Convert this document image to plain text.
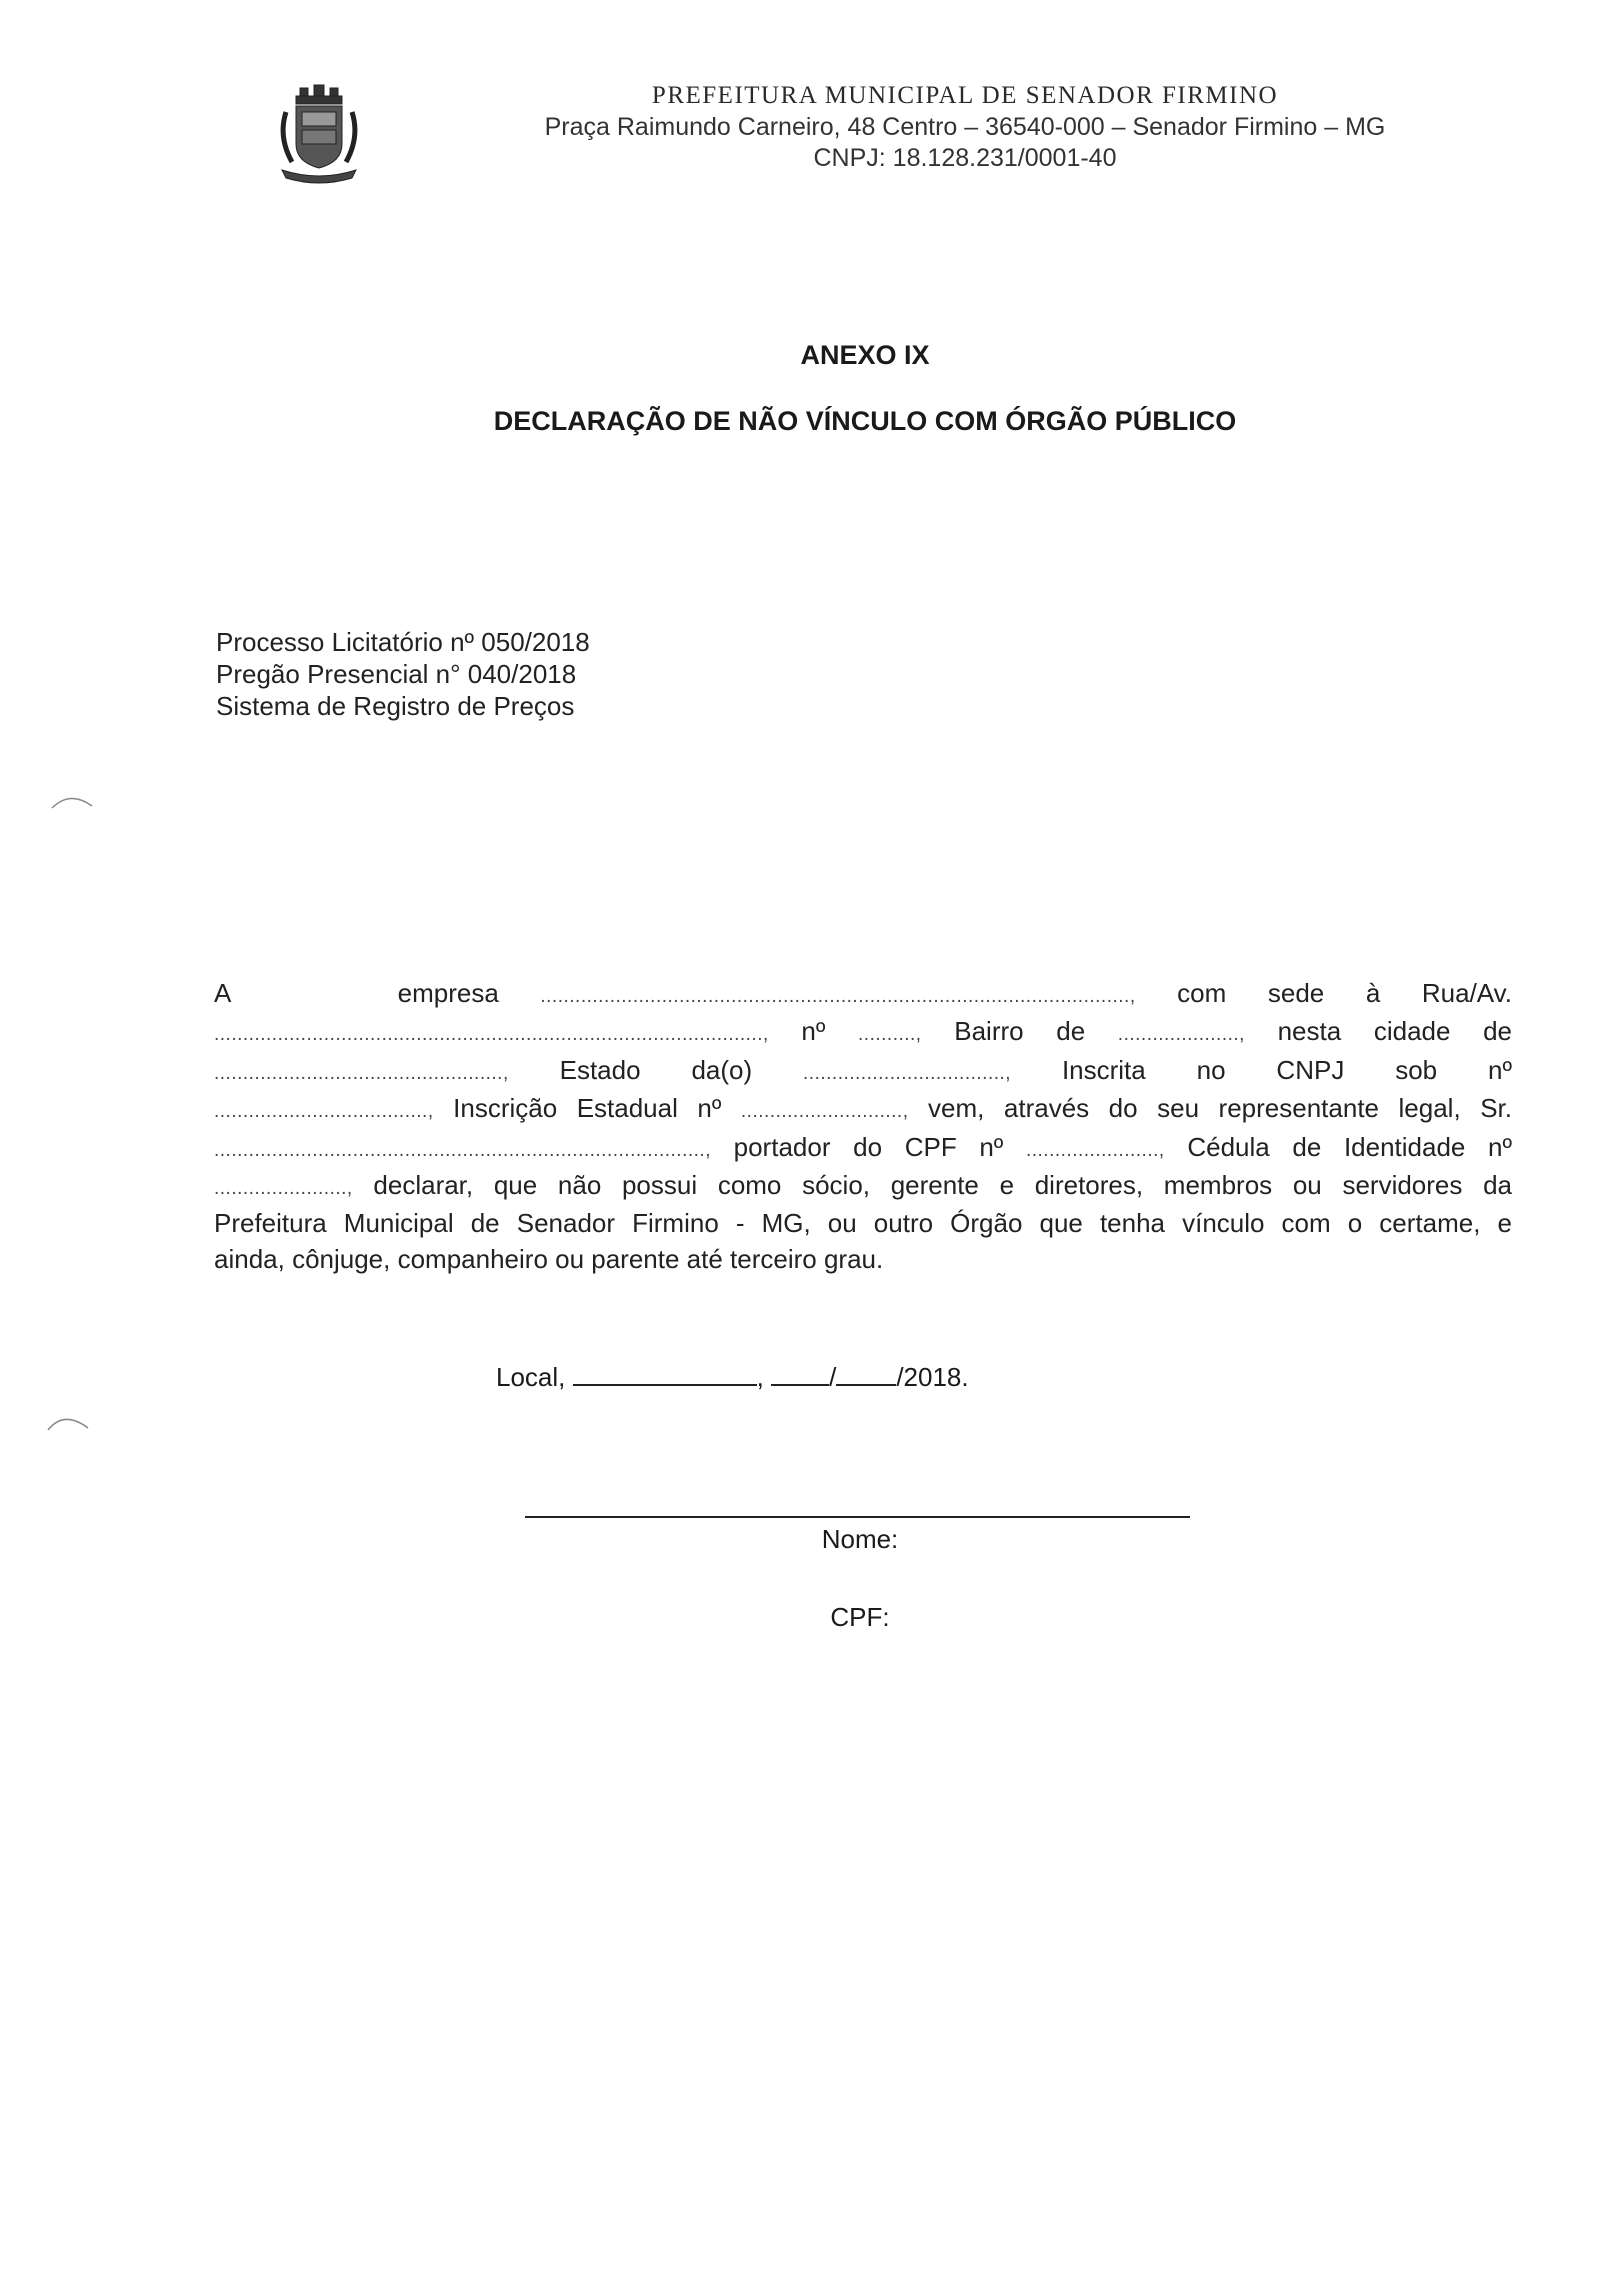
PREFEITURA MUNICIPAL DE SENADOR FIRMINO
Praça Raimundo Carneiro, 48 Centro – 36540-000 – Senador Firmino – MG
CNPJ: 18.128.231/0001-40
ANEXO IX
DECLARAÇÃO DE NÃO VÍNCULO COM ÓRGÃO PÚBLICO
Processo Licitatório nº 050/2018
Pregão Presencial n° 040/2018
Sistema de Registro de Preços
A	empresa ......................................................................................................, com sede à Rua/Av.
..............................................................................................., nº .........., Bairro de ....................., nesta cidade de
.................................................., Estado da(o)	..................................., Inscrita no CNPJ sob nº
....................................., Inscrição Estadual nº ............................, vem, através do seu representante legal, Sr.
....................................................................................., portador do CPF nº ......................., Cédula de Identidade nº
......................., declarar, que não possui como sócio, gerente e diretores, membros ou servidores da
Prefeitura Municipal de Senador Firmino - MG, ou outro Órgão que tenha vínculo com o certame, e
ainda, cônjuge, companheiro ou parente até terceiro grau.
Local,	,	/ /2018.
Nome:
CPF:
